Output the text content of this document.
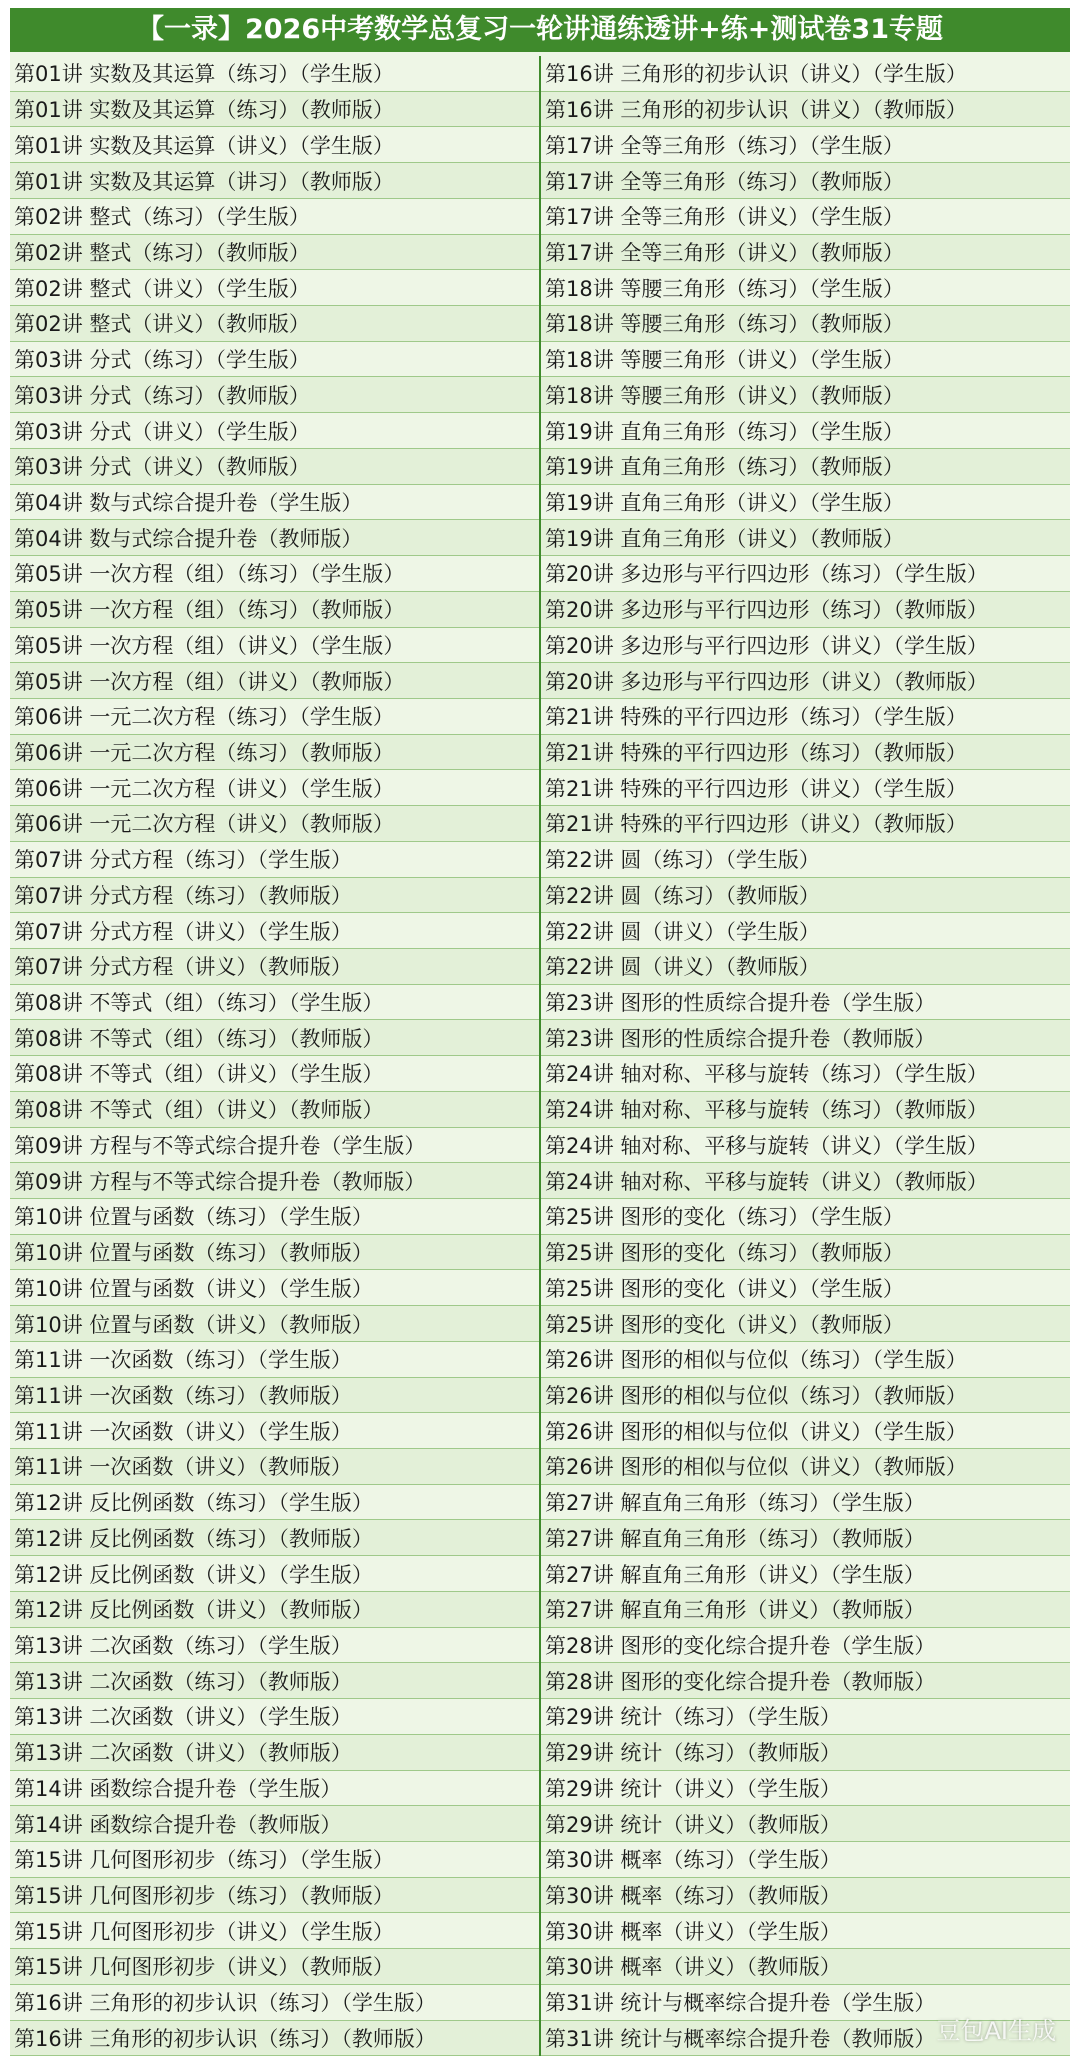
【一录】2026中考数学总复习一轮讲通练透讲+练+测试卷31专题
第01讲 实数及其运算（练习）（学生版）
第01讲 实数及其运算（练习）（教师版）
第01讲 实数及其运算（讲义）（学生版）
第01讲 实数及其运算（讲习）（教师版）
第02讲 整式（练习）（学生版）
第02讲 整式（练习）（教师版）
第02讲 整式（讲义）（学生版）
第02讲 整式（讲义）（教师版）
第03讲 分式（练习）（学生版）
第03讲 分式（练习）（教师版）
第03讲 分式（讲义）（学生版）
第03讲 分式（讲义）（教师版）
第04讲 数与式综合提升卷（学生版）
第04讲 数与式综合提升卷（教师版）
第05讲 一次方程（组）（练习）（学生版）
第05讲 一次方程（组）（练习）（教师版）
第05讲 一次方程（组）（讲义）（学生版）
第05讲 一次方程（组）（讲义）（教师版）
第06讲 一元二次方程（练习）（学生版）
第06讲 一元二次方程（练习）（教师版）
第06讲 一元二次方程（讲义）（学生版）
第06讲 一元二次方程（讲义）（教师版）
第07讲 分式方程（练习）（学生版）
第07讲 分式方程（练习）（教师版）
第07讲 分式方程（讲义）（学生版）
第07讲 分式方程（讲义）（教师版）
第08讲 不等式（组）（练习）（学生版）
第08讲 不等式（组）（练习）（教师版）
第08讲 不等式（组）（讲义）（学生版）
第08讲 不等式（组）（讲义）（教师版）
第09讲 方程与不等式综合提升卷（学生版）
第09讲 方程与不等式综合提升卷（教师版）
第10讲 位置与函数（练习）（学生版）
第10讲 位置与函数（练习）（教师版）
第10讲 位置与函数（讲义）（学生版）
第10讲 位置与函数（讲义）（教师版）
第11讲 一次函数（练习）（学生版）
第11讲 一次函数（练习）（教师版）
第11讲 一次函数（讲义）（学生版）
第11讲 一次函数（讲义）（教师版）
第12讲 反比例函数（练习）（学生版）
第12讲 反比例函数（练习）（教师版）
第12讲 反比例函数（讲义）（学生版）
第12讲 反比例函数（讲义）（教师版）
第13讲 二次函数（练习）（学生版）
第13讲 二次函数（练习）（教师版）
第13讲 二次函数（讲义）（学生版）
第13讲 二次函数（讲义）（教师版）
第14讲 函数综合提升卷（学生版）
第14讲 函数综合提升卷（教师版）
第15讲 几何图形初步（练习）（学生版）
第15讲 几何图形初步（练习）（教师版）
第15讲 几何图形初步（讲义）（学生版）
第15讲 几何图形初步（讲义）（教师版）
第16讲 三角形的初步认识（练习）（学生版）
第16讲 三角形的初步认识（练习）（教师版）
第16讲 三角形的初步认识（讲义）（学生版）
第16讲 三角形的初步认识（讲义）（教师版）
第17讲 全等三角形（练习）（学生版）
第17讲 全等三角形（练习）（教师版）
第17讲 全等三角形（讲义）（学生版）
第17讲 全等三角形（讲义）（教师版）
第18讲 等腰三角形（练习）（学生版）
第18讲 等腰三角形（练习）（教师版）
第18讲 等腰三角形（讲义）（学生版）
第18讲 等腰三角形（讲义）（教师版）
第19讲 直角三角形（练习）（学生版）
第19讲 直角三角形（练习）（教师版）
第19讲 直角三角形（讲义）（学生版）
第19讲 直角三角形（讲义）（教师版）
第20讲 多边形与平行四边形（练习）（学生版）
第20讲 多边形与平行四边形（练习）（教师版）
第20讲 多边形与平行四边形（讲义）（学生版）
第20讲 多边形与平行四边形（讲义）（教师版）
第21讲 特殊的平行四边形（练习）（学生版）
第21讲 特殊的平行四边形（练习）（教师版）
第21讲 特殊的平行四边形（讲义）（学生版）
第21讲 特殊的平行四边形（讲义）（教师版）
第22讲 圆（练习）（学生版）
第22讲 圆（练习）（教师版）
第22讲 圆（讲义）（学生版）
第22讲 圆（讲义）（教师版）
第23讲 图形的性质综合提升卷（学生版）
第23讲 图形的性质综合提升卷（教师版）
第24讲 轴对称、平移与旋转（练习）（学生版）
第24讲 轴对称、平移与旋转（练习）（教师版）
第24讲 轴对称、平移与旋转（讲义）（学生版）
第24讲 轴对称、平移与旋转（讲义）（教师版）
第25讲 图形的变化（练习）（学生版）
第25讲 图形的变化（练习）（教师版）
第25讲 图形的变化（讲义）（学生版）
第25讲 图形的变化（讲义）（教师版）
第26讲 图形的相似与位似（练习）（学生版）
第26讲 图形的相似与位似（练习）（教师版）
第26讲 图形的相似与位似（讲义）（学生版）
第26讲 图形的相似与位似（讲义）（教师版）
第27讲 解直角三角形（练习）（学生版）
第27讲 解直角三角形（练习）（教师版）
第27讲 解直角三角形（讲义）（学生版）
第27讲 解直角三角形（讲义）（教师版）
第28讲 图形的变化综合提升卷（学生版）
第28讲 图形的变化综合提升卷（教师版）
第29讲 统计（练习）（学生版）
第29讲 统计（练习）（教师版）
第29讲 统计（讲义）（学生版）
第29讲 统计（讲义）（教师版）
第30讲 概率（练习）（学生版）
第30讲 概率（练习）（教师版）
第30讲 概率（讲义）（学生版）
第30讲 概率（讲义）（教师版）
第31讲 统计与概率综合提升卷（学生版）
第31讲 统计与概率综合提升卷（教师版） 豆包AI生成
